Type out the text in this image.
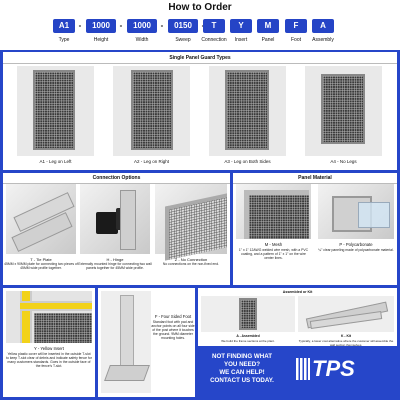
How to Order
A1	-	1000	-	1000	-	0150	T	Y	M	F	A
Type	Height	Width	Sweep	Connection	Insert	Panel	Foot	Assembly
Single Panel Guard Types
A1 - Leg on Left	A2 - Leg on Right	A3 - Leg on Both Sides	A4 - No Legs
Connection Options
T - Tie Plate
45MM x 90MM plate for connecting two pieces of 45MM wide profile together.
H - Hinge
Externally mounted hinge for connecting two wall panels together for 45MM wide profile.
Z - No Connection
No connections on the non-fixed end.
Panel Material
M - Mesh
1" x 1" 12AWG welded wire mesh, with a PVC coating, and a pattern of 1" x 1" on the wire center lines.
P - Polycarbonate
¼" clear paneling made of polycarbonate material.
Y - Yellow Insert
Yellow plastic cover will be inserted in the outside T-slot to keep T-slot clear of debris and indicate safety fence for many customers standards. Goes in the outside face of the fence's T-slot.
F - Four Sided Foot
Standard foot with pad and anchor points on all four side of the post where it touches the ground. 9MM diameter mounting holes.
Assembled or Kit
A - Assembled
We build the frame sections at the plant.
K - Kit
Typically, a lower cost alternative where the customer will assemble the wall section themselves.
NOT FINDING WHAT
YOU NEED?
WE CAN HELP!
CONTACT US TODAY.	TPS
